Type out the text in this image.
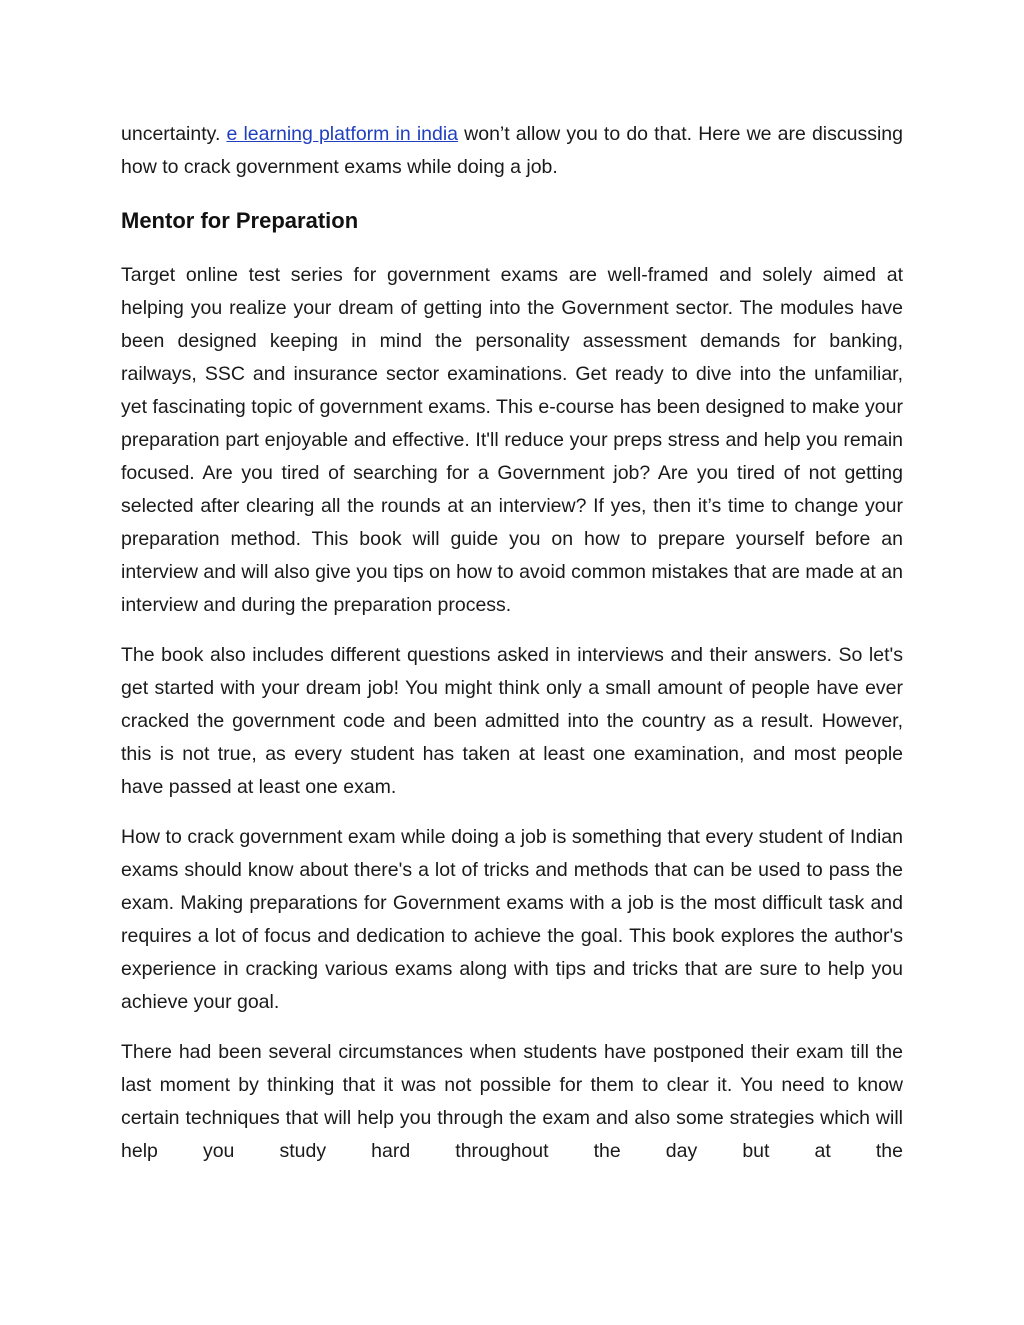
uncertainty. e learning platform in india won’t allow you to do that. Here we are discussing how to crack government exams while doing a job.

Mentor for Preparation

Target online test series for government exams are well-framed and solely aimed at helping you realize your dream of getting into the Government sector. The modules have been designed keeping in mind the personality assessment demands for banking, railways, SSC and insurance sector examinations. Get ready to dive into the unfamiliar, yet fascinating topic of government exams. This e-course has been designed to make your preparation part enjoyable and effective. It'll reduce your preps stress and help you remain focused. Are you tired of searching for a Government job? Are you tired of not getting selected after clearing all the rounds at an interview? If yes, then it’s time to change your preparation method. This book will guide you on how to prepare yourself before an interview and will also give you tips on how to avoid common mistakes that are made at an interview and during the preparation process.

The book also includes different questions asked in interviews and their answers. So let's get started with your dream job! You might think only a small amount of people have ever cracked the government code and been admitted into the country as a result. However, this is not true, as every student has taken at least one examination, and most people have passed at least one exam.

How to crack government exam while doing a job is something that every student of Indian exams should know about there's a lot of tricks and methods that can be used to pass the exam. Making preparations for Government exams with a job is the most difficult task and requires a lot of focus and dedication to achieve the goal. This book explores the author's experience in cracking various exams along with tips and tricks that are sure to help you achieve your goal.

There had been several circumstances when students have postponed their exam till the last moment by thinking that it was not possible for them to clear it. You need to know certain techniques that will help you through the exam and also some strategies which will help you study hard throughout the day but at the
